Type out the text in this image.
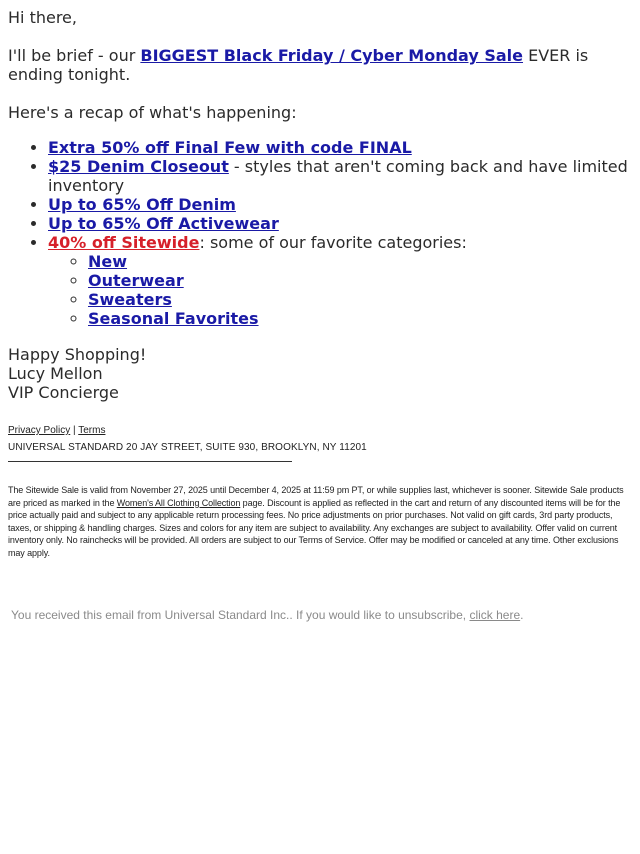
Hi there,

I'll be brief - our BIGGEST Black Friday / Cyber Monday Sale EVER is ending tonight.

Here's a recap of what's happening:

• Extra 50% off Final Few with code FINAL
• $25 Denim Closeout - styles that aren't coming back and have limited inventory
• Up to 65% Off Denim
• Up to 65% Off Activewear
• 40% off Sitewide: some of our favorite categories:
◦ New
◦ Outerwear
◦ Sweaters
◦ Seasonal Favorites

Happy Shopping!

Lucy Mellon

VIP Concierge

Privacy Policy | Terms
UNIVERSAL STANDARD 20 JAY STREET, SUITE 930, BROOKLYN, NY 11201
The Sitewide Sale is valid from November 27, 2025 until December 4, 2025 at 11:59 pm PT, or while supplies last, whichever is sooner. Sitewide Sale products are priced as marked in the Women's All Clothing Collection page. Discount is applied as reflected in the cart and return of any discounted items will be for the price actually paid and subject to any applicable return processing fees. No price adjustments on prior purchases. Not valid on gift cards, 3rd party products, taxes, or shipping & handling charges. Sizes and colors for any item are subject to availability. Any exchanges are subject to availability. Offer valid on current inventory only. No rainchecks will be provided. All orders are subject to our Terms of Service. Offer may be modified or canceled at any time. Other exclusions may apply.
You received this email from Universal Standard Inc.. If you would like to unsubscribe, click here.
